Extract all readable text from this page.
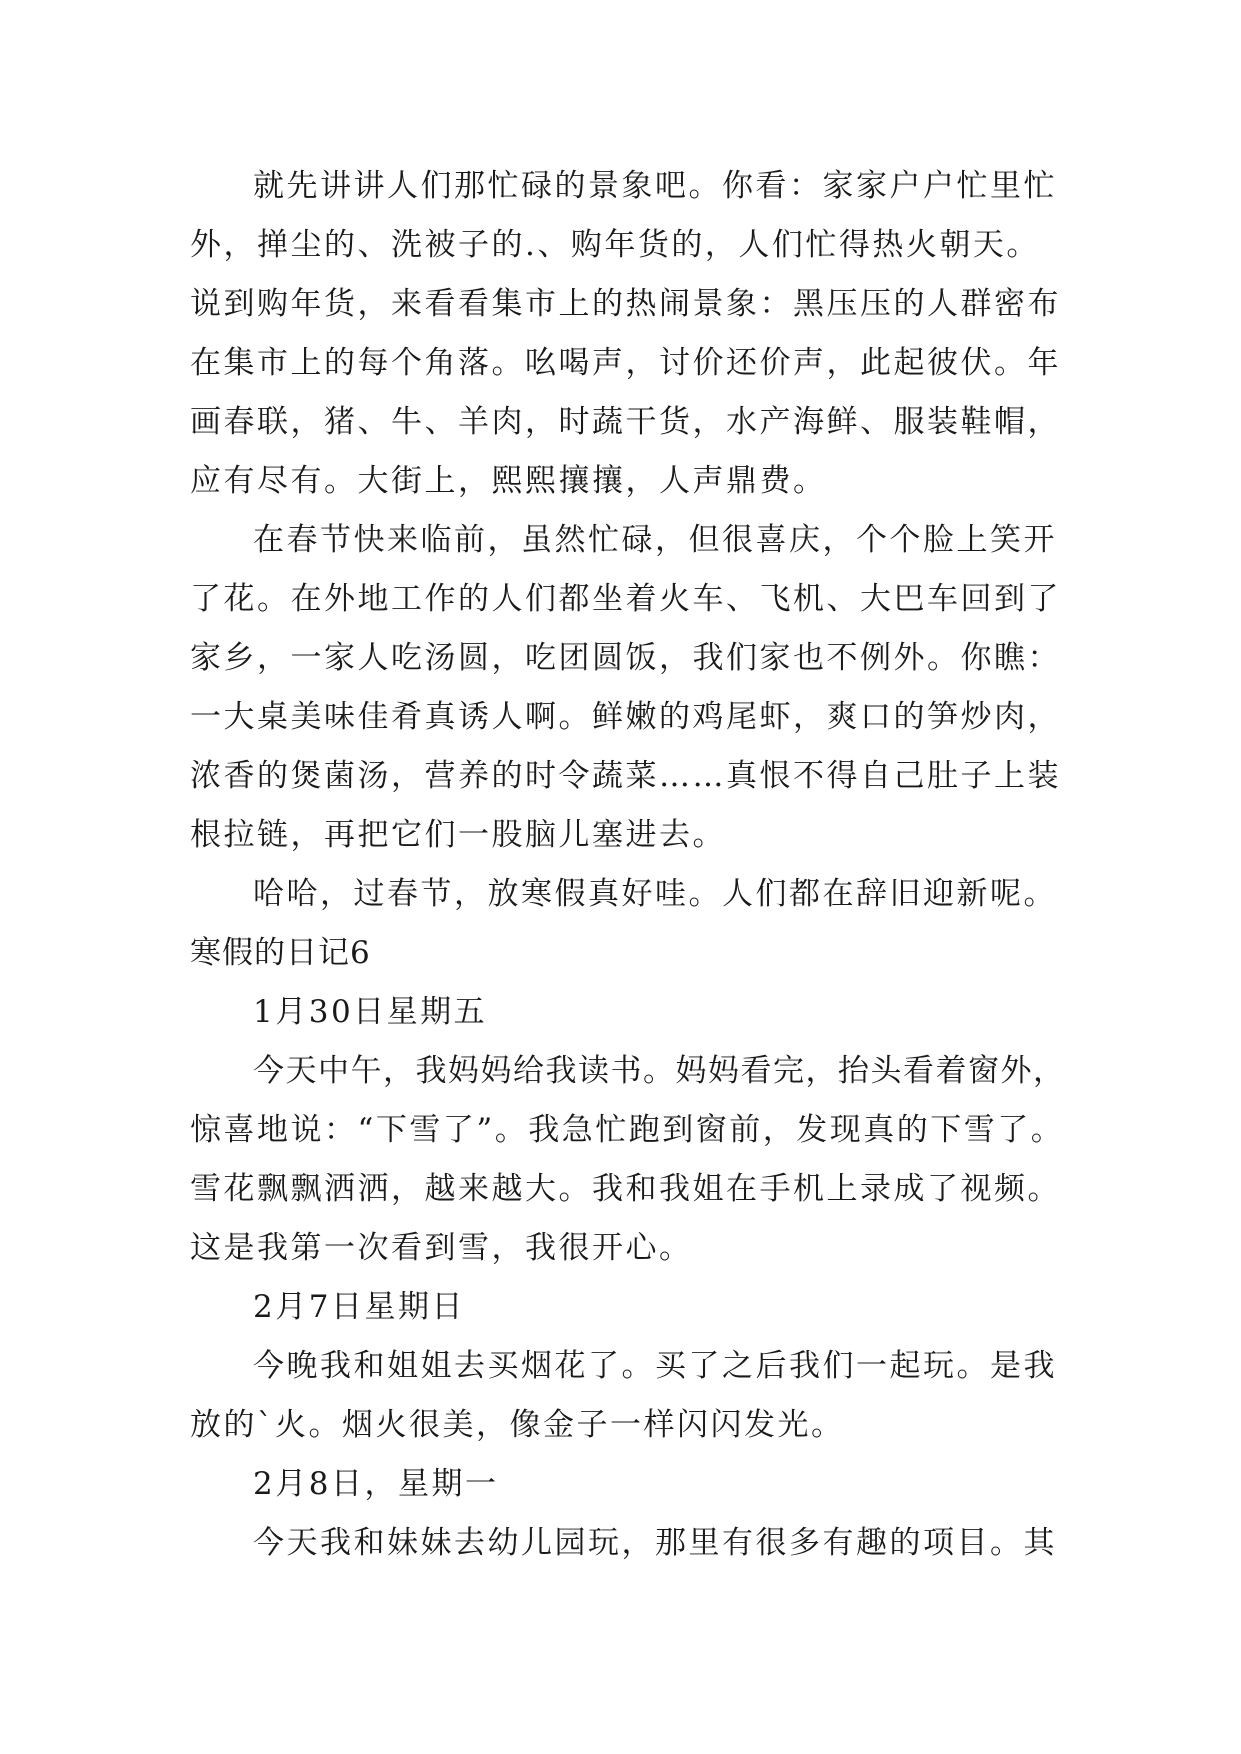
就先讲讲人们那忙碌的景象吧。你看：家家户户忙里忙
外，掸尘的、洗被子的.、购年货的，人们忙得热火朝天。
说到购年货，来看看集市上的热闹景象：黑压压的人群密布
在集市上的每个角落。吆喝声，讨价还价声，此起彼伏。年
画春联，猪、牛、羊肉，时蔬干货，水产海鲜、服装鞋帽，
应有尽有。大街上，熙熙攘攘，人声鼎费。
在春节快来临前，虽然忙碌，但很喜庆，个个脸上笑开
了花。在外地工作的人们都坐着火车、飞机、大巴车回到了
家乡，一家人吃汤圆，吃团圆饭，我们家也不例外。你瞧：
一大桌美味佳肴真诱人啊。鲜嫩的鸡尾虾，爽口的笋炒肉，
浓香的煲菌汤，营养的时令蔬菜……真恨不得自己肚子上装
根拉链，再把它们一股脑儿塞进去。
哈哈，过春节，放寒假真好哇。人们都在辞旧迎新呢。
寒假的日记6
1月30日星期五
今天中午，我妈妈给我读书。妈妈看完，抬头看着窗外，
惊喜地说：“下雪了”。我急忙跑到窗前，发现真的下雪了。
雪花飘飘洒洒，越来越大。我和我姐在手机上录成了视频。
这是我第一次看到雪，我很开心。
2月7日星期日
今晚我和姐姐去买烟花了。买了之后我们一起玩。是我
放的`火。烟火很美，像金子一样闪闪发光。
2月8日，星期一
今天我和妹妹去幼儿园玩，那里有很多有趣的项目。其
